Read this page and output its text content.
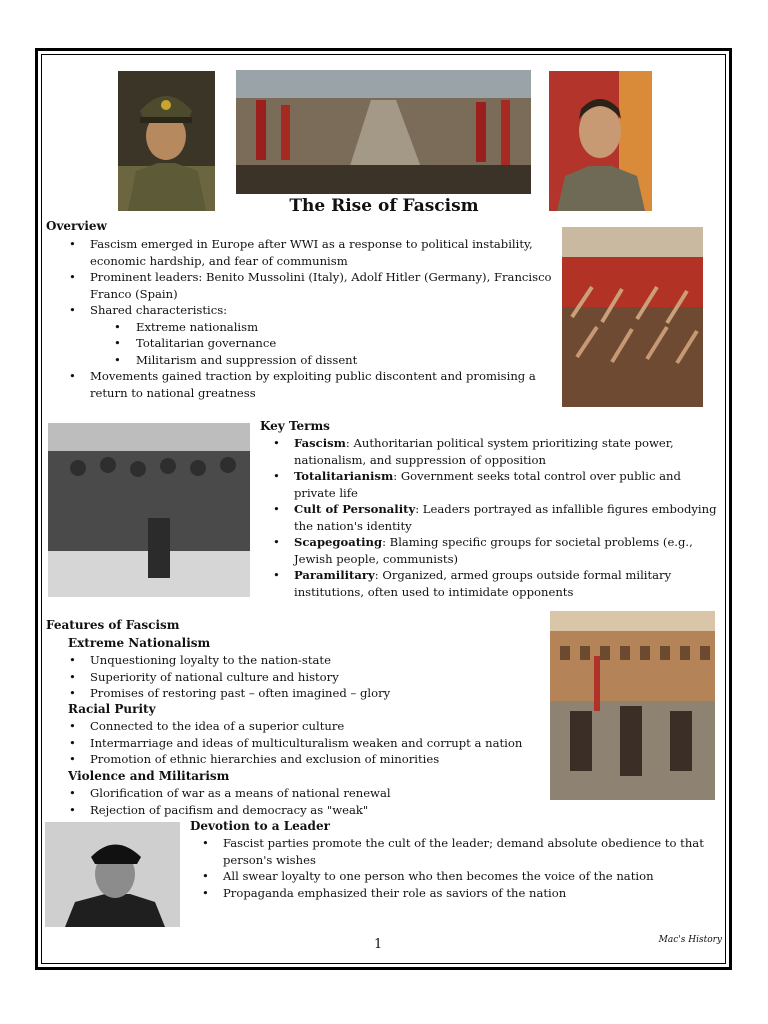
The Rise of Fascism
Overview
• Fascism emerged in Europe after WWI as a response to political instability,
economic hardship, and fear of communism
• Prominent leaders: Benito Mussolini (Italy), Adolf Hitler (Germany), Francisco
Franco (Spain)
• Shared characteristics:
• Extreme nationalism
• Totalitarian governance
• Militarism and suppression of dissent
• Movements gained traction by exploiting public discontent and promising a
return to national greatness
Key Terms
• Fascism: Authoritarian political system prioritizing state power,
nationalism, and suppression of opposition
• Totalitarianism: Government seeks total control over public and
private life
• Cult of Personality: Leaders portrayed as infallible figures embodying
the nation's identity
• Scapegoating: Blaming specific groups for societal problems (e.g.,
Jewish people, communists)
• Paramilitary: Organized, armed groups outside formal military
institutions, often used to intimidate opponents
Features of Fascism
Extreme Nationalism
• Unquestioning loyalty to the nation-state
• Superiority of national culture and history
• Promises of restoring past – often imagined – glory
Racial Purity
• Connected to the idea of a superior culture
• Intermarriage and ideas of multiculturalism weaken and corrupt a nation
• Promotion of ethnic hierarchies and exclusion of minorities
Violence and Militarism
• Glorification of war as a means of national renewal
• Rejection of pacifism and democracy as "weak"
Devotion to a Leader
• Fascist parties promote the cult of the leader; demand absolute obedience to that
person's wishes
• All swear loyalty to one person who then becomes the voice of the nation
• Propaganda emphasized their role as saviors of the nation
1	Mac's History
